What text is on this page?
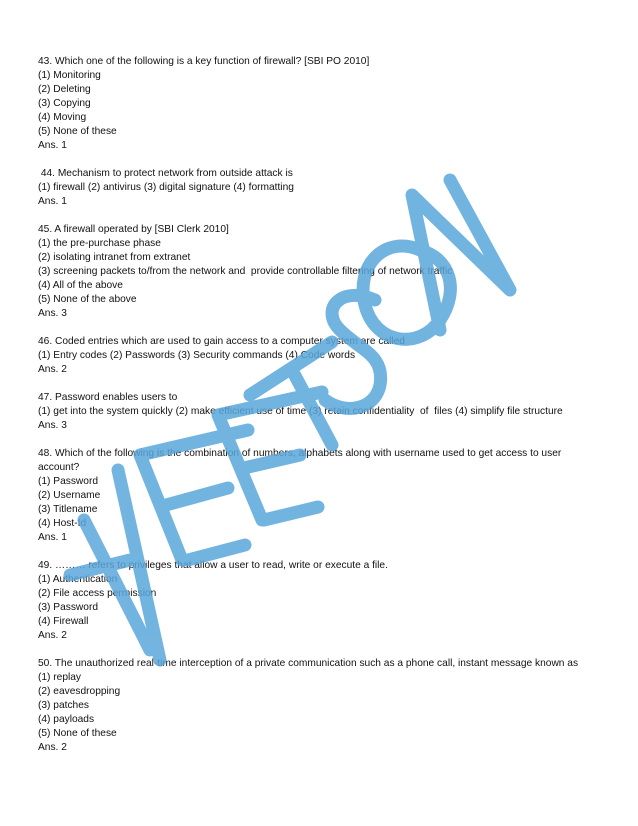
43. Which one of the following is a key function of firewall? [SBI PO 2010]
(1) Monitoring
(2) Deleting
(3) Copying
(4) Moving
(5) None of these
Ans. 1
44. Mechanism to protect network from outside attack is
(1) firewall (2) antivirus (3) digital signature (4) formatting
Ans. 1
45. A firewall operated by [SBI Clerk 2010]
(1) the pre-purchase phase
(2) isolating intranet from extranet
(3) screening packets to/from the network and  provide controllable filtering of network traffic
(4) All of the above
(5) None of the above
Ans. 3
46. Coded entries which are used to gain access to a computer system are called
(1) Entry codes (2) Passwords (3) Security commands (4) Code words
Ans. 2
47. Password enables users to
(1) get into the system quickly (2) make efficient use of time (3) retain confidentiality  of  files (4) simplify file structure
Ans. 3
48. Which of the following is the combination of numbers, alphabets along with username used to get access to user
account?
(1) Password
(2) Username
(3) Titlename
(4) Host-Id
Ans. 1
49. ……… refers to privileges that allow a user to read, write or execute a file.
(1) Authentication
(2) File access permission
(3) Password
(4) Firewall
Ans. 2
50. The unauthorized real-time interception of a private communication such as a phone call, instant message known as
(1) replay
(2) eavesdropping
(3) patches
(4) payloads
(5) None of these
Ans. 2
HEETSON
